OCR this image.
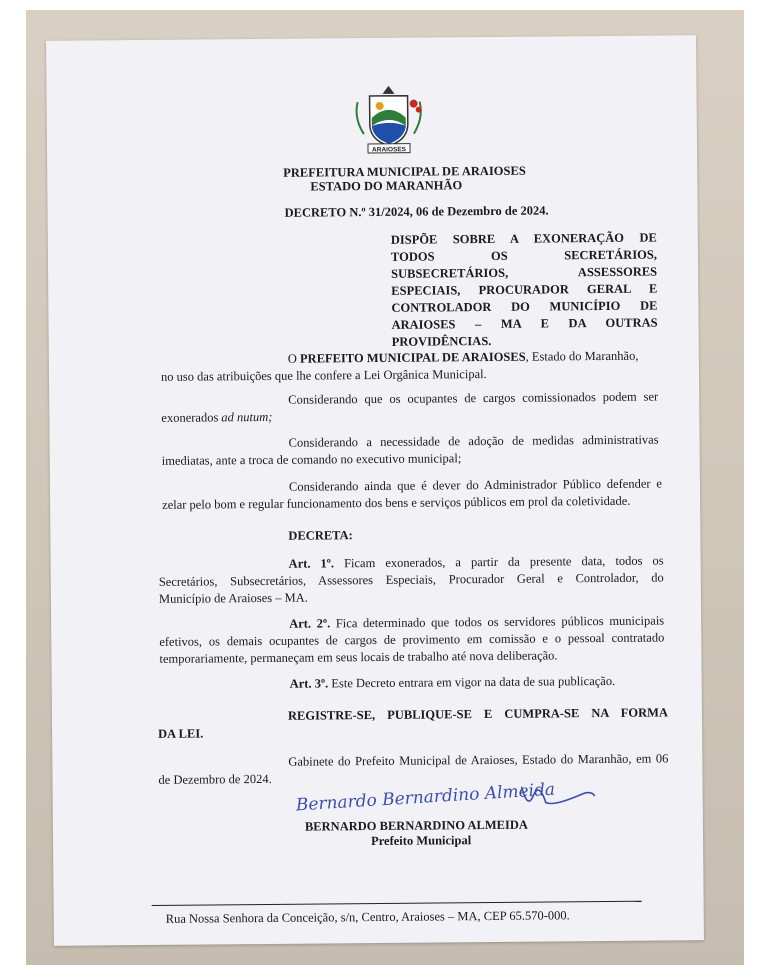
ARAIOSES
PREFEITURA MUNICIPAL DE ARAIOSES
ESTADO DO MARANHÃO
DECRETO N.º 31/2024, 06 de Dezembro de 2024.
DISPÕE SOBRE A EXONERAÇÃO DE
TODOS OS SECRETÁRIOS,
SUBSECRETÁRIOS, ASSESSORES
ESPECIAIS, PROCURADOR GERAL E
CONTROLADOR DO MUNICÍPIO DE
ARAIOSES – MA E DA OUTRAS
PROVIDÊNCIAS.
O PREFEITO MUNICIPAL DE ARAIOSES, Estado do Maranhão,
no uso das atribuições que lhe confere a Lei Orgânica Municipal.
Considerando que os ocupantes de cargos comissionados podem ser
exonerados ad nutum;
Considerando a necessidade de adoção de medidas administrativas
imediatas, ante a troca de comando no executivo municipal;
Considerando ainda que é dever do Administrador Público defender e
zelar pelo bom e regular funcionamento dos bens e serviços públicos em prol da coletividade.
DECRETA:
Art. 1º. Ficam exonerados, a partir da presente data, todos os
Secretários, Subsecretários, Assessores Especiais, Procurador Geral e Controlador, do
Município de Araioses – MA.
Art. 2º. Fica determinado que todos os servidores públicos municipais
efetivos, os demais ocupantes de cargos de provimento em comissão e o pessoal contratado
temporariamente, permaneçam em seus locais de trabalho até nova deliberação.
Art. 3º. Este Decreto entrara em vigor na data de sua publicação.
REGISTRE-SE, PUBLIQUE-SE E CUMPRA-SE NA FORMA
DA LEI.
Gabinete do Prefeito Municipal de Araioses, Estado do Maranhão, em 06
de Dezembro de 2024.
Bernardo Bernardino Almeida
BERNARDO BERNARDINO ALMEIDA
Prefeito Municipal
Rua Nossa Senhora da Conceição, s/n, Centro, Araioses – MA, CEP 65.570-000.
